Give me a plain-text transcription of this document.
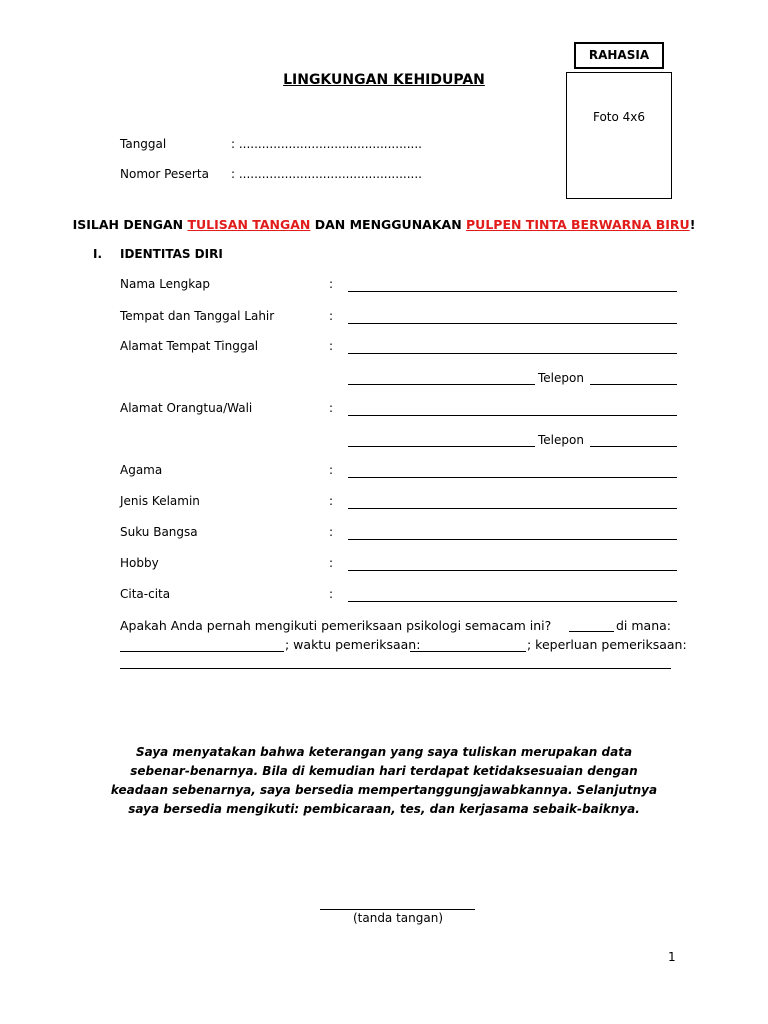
RAHASIA
Foto 4x6
LINGKUNGAN KEHIDUPAN
Tanggal	: ................................................
Nomor Peserta : ................................................
ISILAH DENGAN TULISAN TANGAN DAN MENGGUNAKAN PULPEN TINTA BERWARNA BIRU!
I. IDENTITAS DIRI
Nama Lengkap	:
Tempat dan Tanggal Lahir	:
Alamat Tempat Tinggal	:
Telepon
Alamat Orangtua/Wali	:
Telepon
Agama	:
Jenis Kelamin	:
Suku Bangsa	:
Hobby	:
Cita-cita	:
Apakah Anda pernah mengikuti pemeriksaan psikologi semacam ini?	di mana:
; waktu pemeriksaan:	; keperluan pemeriksaan:
Saya menyatakan bahwa keterangan yang saya tuliskan merupakan data sebenar-benarnya. Bila di kemudian hari terdapat ketidaksesuaian dengan keadaan sebenarnya, saya bersedia mempertanggungjawabkannya. Selanjutnya saya bersedia mengikuti: pembicaraan, tes, dan kerjasama sebaik-baiknya.
(tanda tangan)
1
